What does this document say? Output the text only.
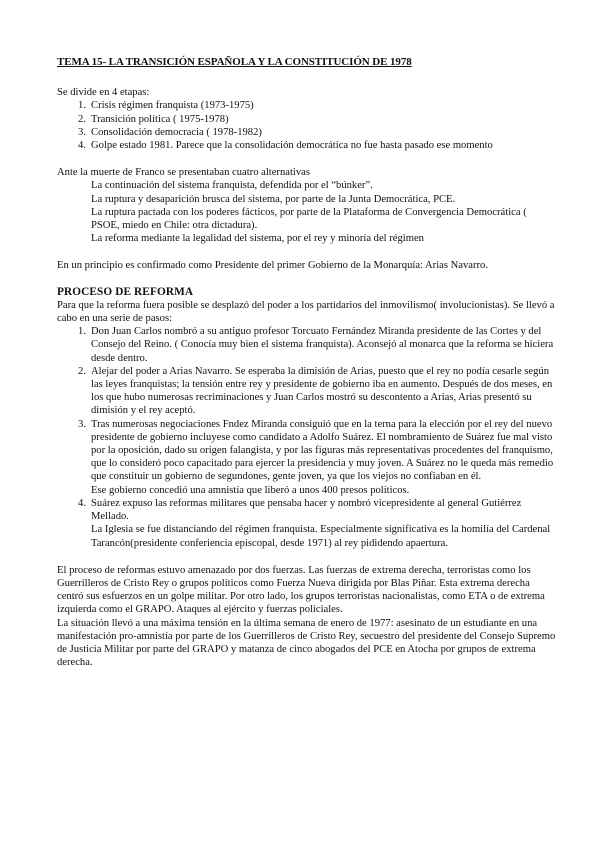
TEMA 15- LA TRANSICIÓN ESPAÑOLA Y LA CONSTITUCIÓN DE 1978
Se divide en 4 etapas:
1. Crisis régimen franquista (1973-1975)
2. Transición política ( 1975-1978)
3. Consolidación democracia ( 1978-1982)
4. Golpe estado 1981. Parece que la consolidación democrática no fue hasta pasado ese momento
Ante la muerte de Franco se presentaban cuatro alternativas
La continuación del sistema franquista, defendida por el “búnker”.
La ruptura y desaparición brusca del sistema, por parte de la Junta Democrática, PCE.
La ruptura pactada con los poderes fácticos, por parte de la Plataforma de Convergencia Democrática ( PSOE, miedo en Chile: otra dictadura).
La reforma mediante la legalidad del sistema, por el rey y minoría del régimen
En un principio es confirmado como Presidente del primer Gobierno de la Monarquía: Arias Navarro.
PROCESO DE REFORMA
Para que la reforma fuera posible se desplazó del poder a los partidarios del inmovilismo( involucionistas). Se llevó a cabo en una serie de pasos:
1. Don Juan Carlos nombró a su antiguo profesor Torcuato Fernández Miranda presidente de las Cortes y del Consejo del Reino. ( Conocía muy bien el sistema franquista). Aconsejó al monarca que la reforma se hiciera desde dentro.
2. Alejar del poder a Arias Navarro. Se esperaba la dimisión de Arias, puesto que el rey no podía cesarle según las leyes franquistas; la tensión entre rey y presidente de gobierno iba en aumento. Después de dos meses, en los que hubo numerosas recriminaciones y Juan Carlos mostró su descontento a Arias, Arias presentó su dimisión y el rey aceptó.
3. Tras numerosas negociaciones Fndez Miranda consiguió que en la terna para la elección por el rey del nuevo presidente de gobierno incluyese como candidato a Adolfo Suárez. El nombramiento de Suárez fue mal visto por la oposición, dado su origen falangista, y por las figuras más representativas procedentes del franquismo, que lo consideró poco capacitado para ejercer la presidencia y muy joven. A Suárez no le queda más remedio que constituir un gobierno de segundones, gente joven, ya que los viejos no confiaban en él.
Ese gobierno concedió una amnistía que liberó a unos 400 presos políticos.
4. Suárez expuso las reformas militares que pensaba hacer y nombró vicepresidente al general Gutiérrez Mellado.
La Iglesia se fue distanciando del régimen franquista. Especialmente significativa es la homilía del Cardenal Tarancón(presidente conferiencia episcopal, desde 1971) al rey pididendo apaertura.
El proceso de reformas estuvo amenazado por dos fuerzas. Las fuerzas de extrema derecha, terroristas como los Guerrilleros de Cristo Rey o grupos políticos como Fuerza Nueva dirigida por Blas Piñar. Esta extrema derecha centró sus esfuerzos en un golpe militar. Por otro lado, los grupos terroristas nacionalistas, como ETA o de extrema izquierda como el GRAPO. Ataques al ejército y fuerzas policiales.
La situación llevó a una máxima tensión en la última semana de enero de 1977: asesinato de un estudiante en una manifestación pro-amnistía por parte de los Guerrilleros de Cristo Rey, secuestro del presidente del Consejo Supremo de Justicia Militar por parte del GRAPO y matanza de cinco abogados del PCE en Atocha por grupos de extrema derecha.
